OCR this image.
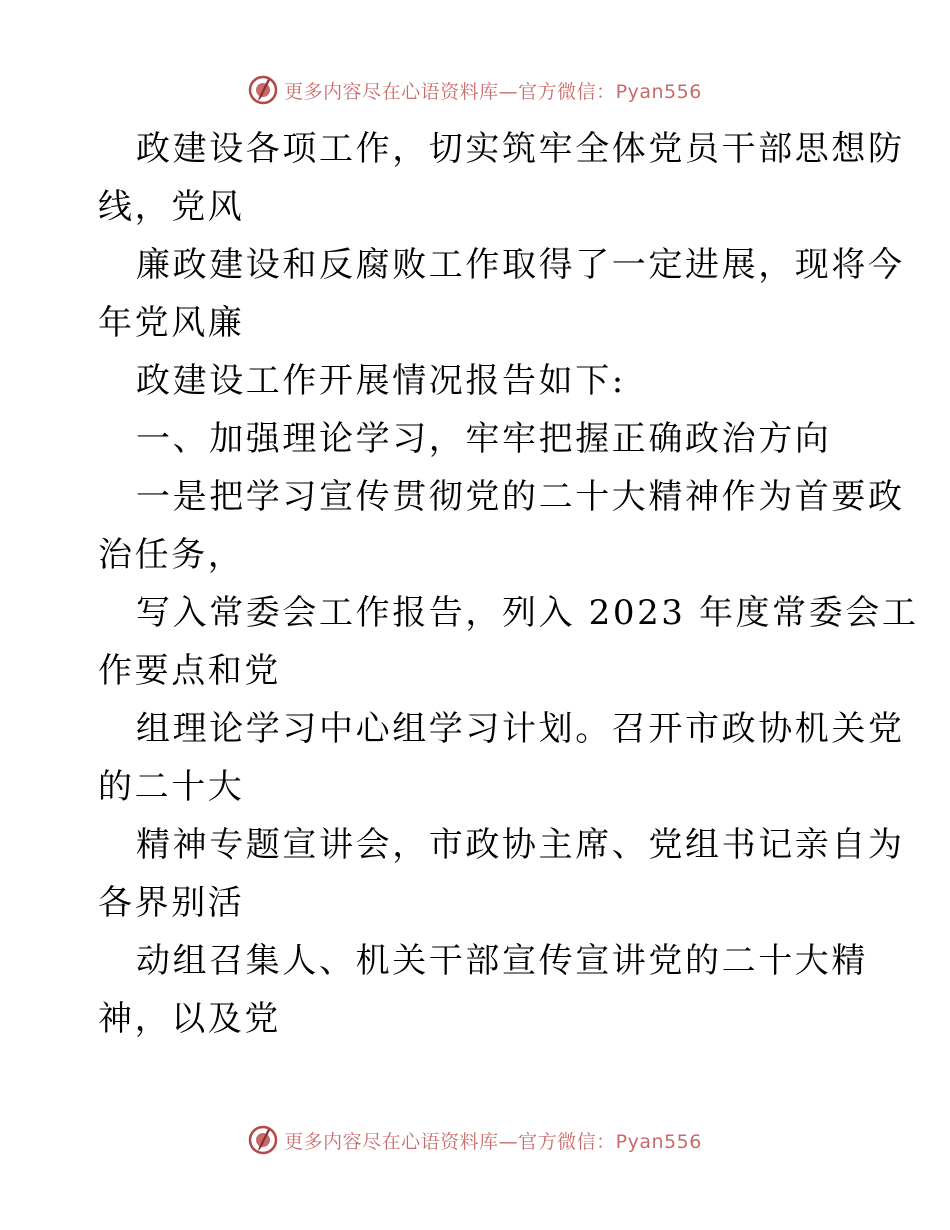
更多内容尽在心语资料库—官方微信：Pyan556
政建设各项工作，切实筑牢全体党员干部思想防
线，党风
廉政建设和反腐败工作取得了一定进展，现将今
年党风廉
政建设工作开展情况报告如下:
一、加强理论学习，牢牢把握正确政治方向
一是把学习宣传贯彻党的二十大精神作为首要政
治任务，
写入常委会工作报告，列入 2023 年度常委会工
作要点和党
组理论学习中心组学习计划。召开市政协机关党
的二十大
精神专题宣讲会，市政协主席、党组书记亲自为
各界别活
动组召集人、机关干部宣传宣讲党的二十大精
神，以及党
更多内容尽在心语资料库—官方微信：Pyan556
